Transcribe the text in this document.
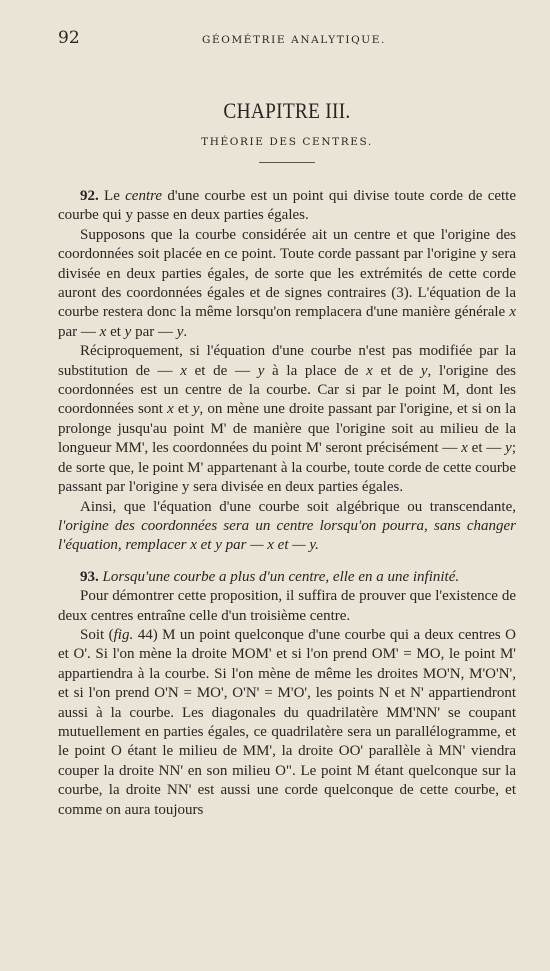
92	GÉOMÉTRIE ANALYTIQUE.
CHAPITRE III.
THÉORIE DES CENTRES.

92. Le centre d'une courbe est un point qui divise toute corde de cette courbe qui y passe en deux parties égales.

Supposons que la courbe considérée ait un centre et que l'origine des coordonnées soit placée en ce point. Toute corde passant par l'origine y sera divisée en deux parties égales, de sorte que les extrémités de cette corde auront des coordonnées égales et de signes contraires (3). L'équation de la courbe restera donc la même lorsqu'on remplacera d'une manière générale x par — x et y par — y.

Réciproquement, si l'équation d'une courbe n'est pas modifiée par la substitution de — x et de — y à la place de x et de y, l'origine des coordonnées est un centre de la courbe. Car si par le point M, dont les coordonnées sont x et y, on mène une droite passant par l'origine, et si on la prolonge jusqu'au point M' de manière que l'origine soit au milieu de la longueur MM', les coordonnées du point M' seront précisément — x et — y; de sorte que, le point M' appartenant à la courbe, toute corde de cette courbe passant par l'origine y sera divisée en deux parties égales.

Ainsi, que l'équation d'une courbe soit algébrique ou transcendante, l'origine des coordonnées sera un centre lorsqu'on pourra, sans changer l'équation, remplacer x et y par — x et — y.

93. Lorsqu'une courbe a plus d'un centre, elle en a une infinité.

Pour démontrer cette proposition, il suffira de prouver que l'existence de deux centres entraîne celle d'un troisième centre.

Soit (fig. 44) M un point quelconque d'une courbe qui a deux centres O et O'. Si l'on mène la droite MOM' et si l'on prend OM' = MO, le point M' appartiendra à la courbe. Si l'on mène de même les droites MO'N, M'O'N', et si l'on prend O'N = MO', O'N' = M'O', les points N et N' appartiendront aussi à la courbe. Les diagonales du quadrilatère MM'NN' se coupant mutuellement en parties égales, ce quadrilatère sera un parallélogramme, et le point O étant le milieu de MM', la droite OO' parallèle à MN' viendra couper la droite NN' en son milieu O". Le point M étant quelconque sur la courbe, la droite NN' est aussi une corde quelconque de cette courbe, et comme on aura toujours
